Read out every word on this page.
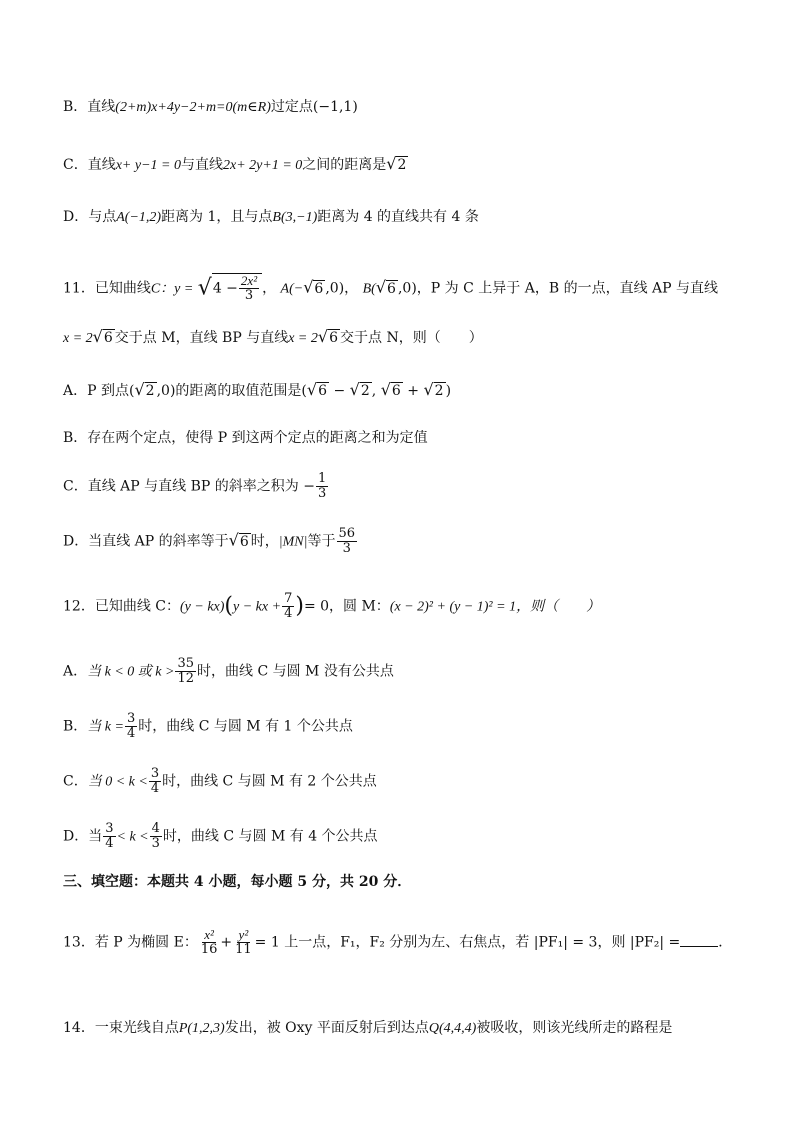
B．直线(2+m)x+4y−2+m=0(m∈R)过定点(−1,1)
C．直线x+ y−1 = 0与直线2x+ 2y+1 = 0之间的距离是√2
D．与点A(−1,2)距离为 1，且与点B(3,−1)距离为 4 的直线共有 4 条
11．已知曲线C：$y = √4 - \frac{\text{2x²}}{3}$ ， A(−√6 ,0)， B(√6 ,0)，P 为 C 上异于 A，B 的一点，直线 AP 与直线
x = 2√6 交于点 M，直线 BP 与直线x = 2√6 交于点 N，则（　　）
A．P 到点(√2 ,0)的距离的取值范围是(√6 − √2 , √6 + √2 )
B．存在两个定点，使得 P 到这两个定点的距离之和为定值
C．直线 AP 与直线 BP 的斜率之积为 − $\frac{1}{3}$
D．当直线 AP 的斜率等于√6 时，|MN|等于 $\frac{56}{3}$
12．已知曲线 C：(y − kx)(y − kx + $\frac{7}{4}$ )= 0，圆 M：(x − 2)² + (y − 1)² = 1，则（　　）
A．当 k < 0 或 $k > \frac{35}{12}$ 时，曲线 C 与圆 M 没有公共点
B．当 $k = \frac{3}{4}$ 时，曲线 C 与圆 M 有 1 个公共点
C．当 $0 < k < \frac{3}{4}$ 时，曲线 C 与圆 M 有 2 个公共点
D．当 $\frac{3}{4} < k < \frac{4}{3}$ 时，曲线 C 与圆 M 有 4 个公共点
三、填空题：本题共 4 小题，每小题 5 分，共 20 分．
13．若 P 为椭圆 E： $\frac{\text{x²}}{16} + \frac{\text{y²}}{11} = 1$ 上一点，F₁，F₂ 分别为左、右焦点，若 |PF₁| = 3，则 |PF₂| =	．
14．一束光线自点P(1,2,3)发出，被 Oxy 平面反射后到达点Q(4,4,4)被吸收，则该光线所走的路程是
